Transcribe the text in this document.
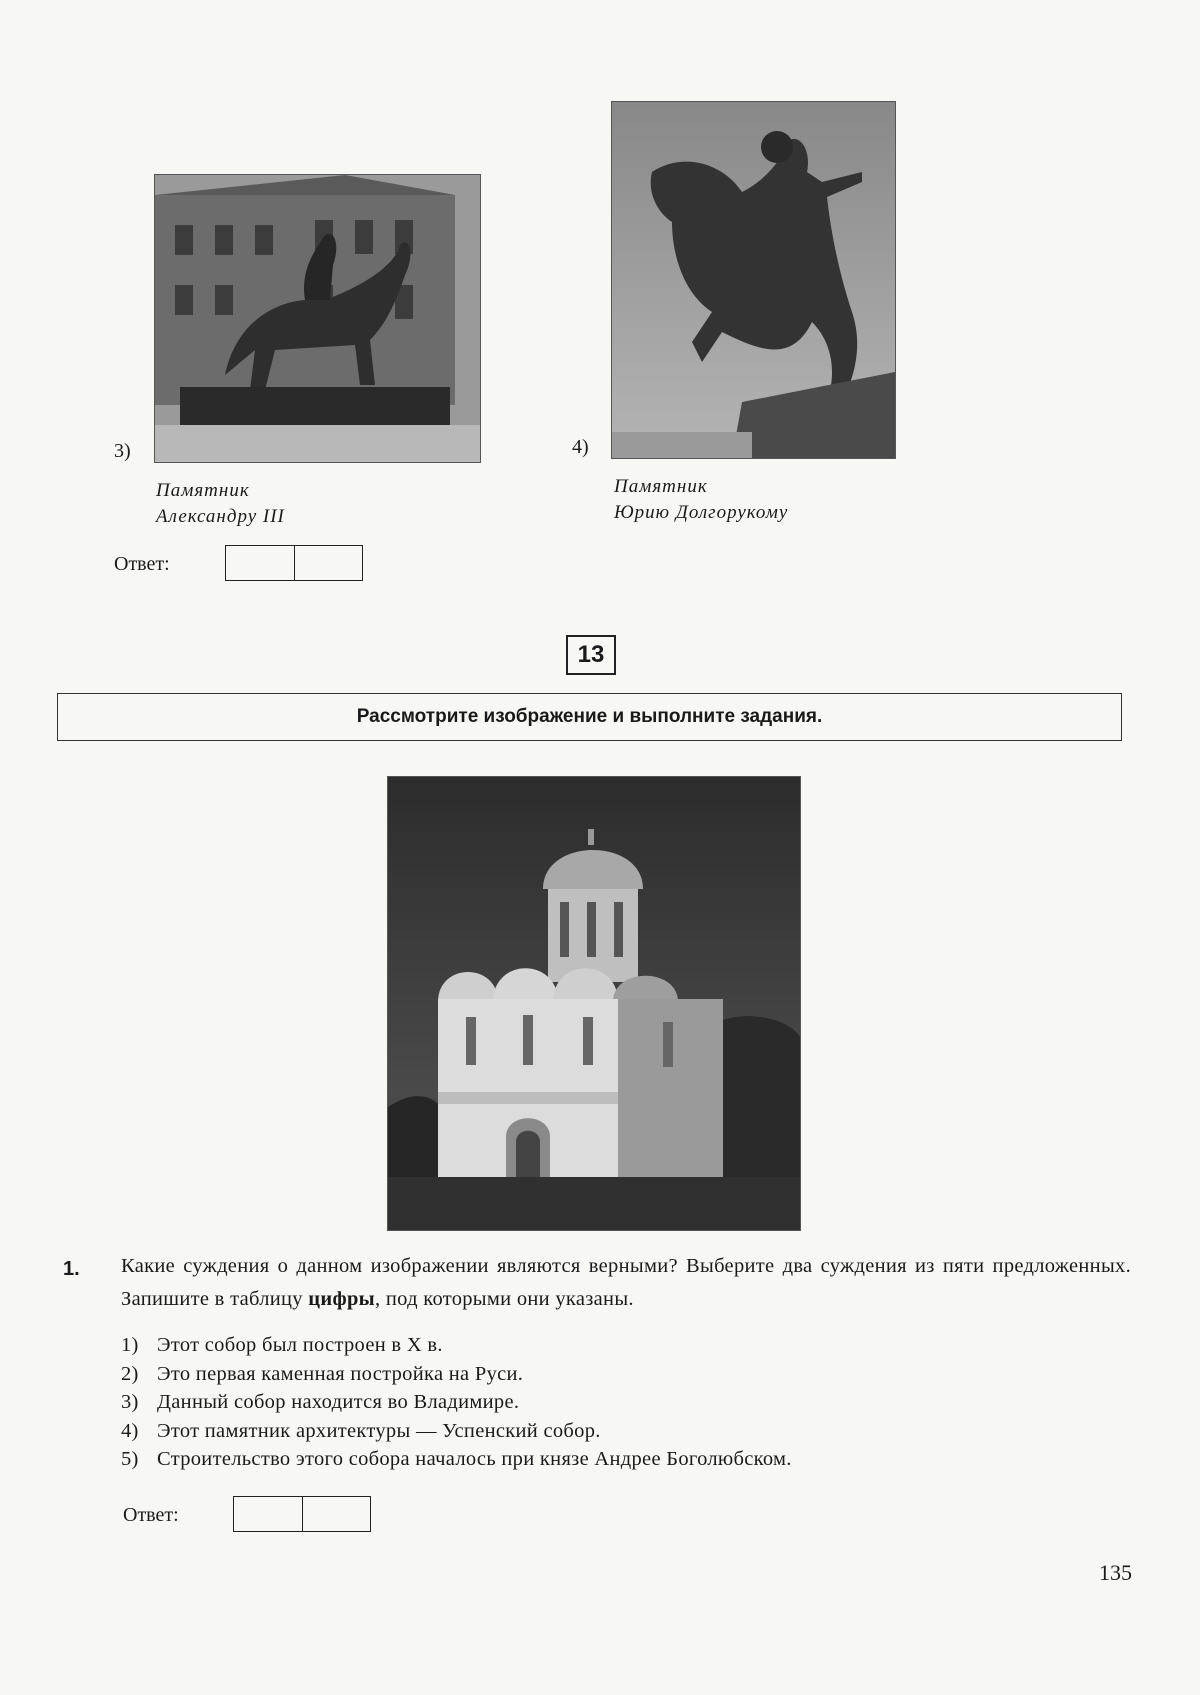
3)
Памятник
Александру III
4)
Памятник
Юрию Долгорукому
Ответ:
13
Рассмотрите изображение и выполните задания.
1. Какие суждения о данном изображении являются верными? Выберите два суждения из пяти предложенных. Запишите в таблицу цифры, под которыми они указаны.
1) Этот собор был построен в X в.
2) Это первая каменная постройка на Руси.
3) Данный собор находится во Владимире.
4) Этот памятник архитектуры — Успенский собор.
5) Строительство этого собора началось при князе Андрее Боголюбском.
Ответ:
135
